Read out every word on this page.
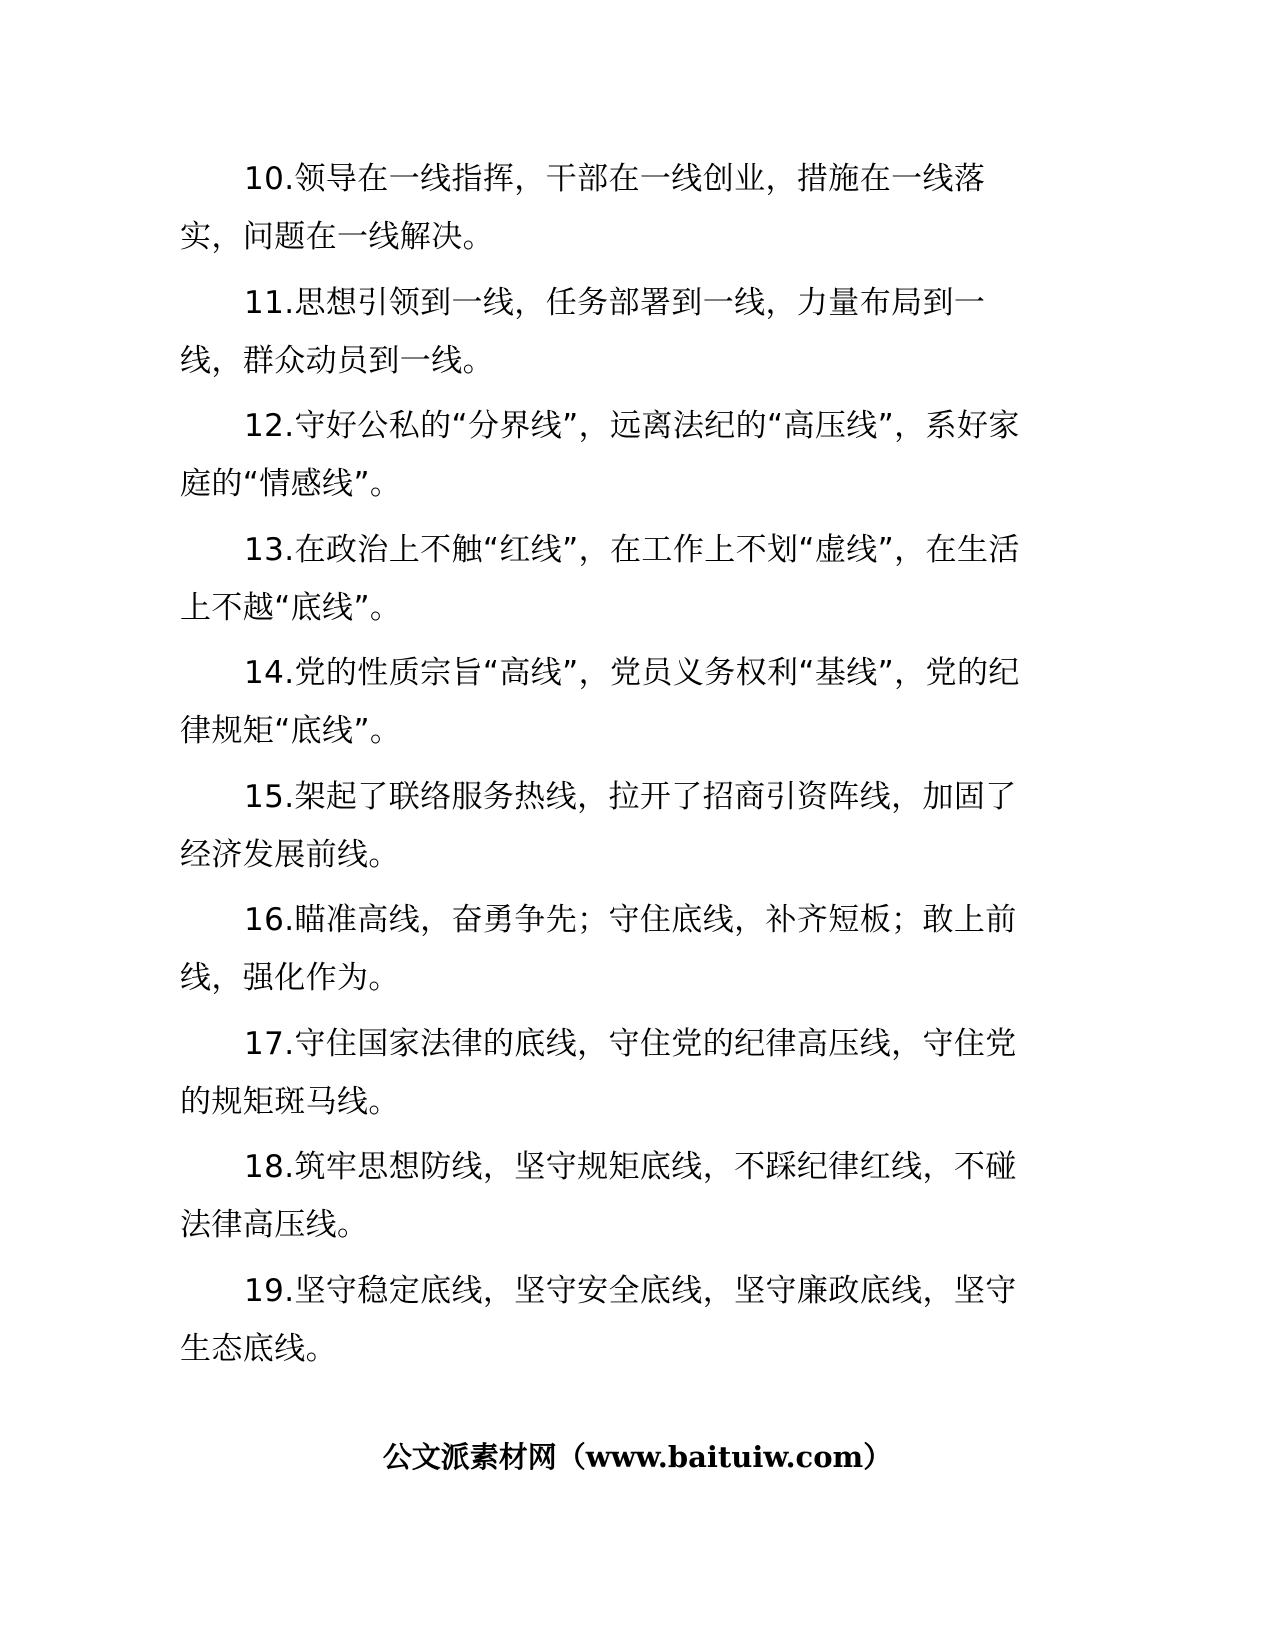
10.领导在一线指挥，干部在一线创业，措施在一线落实，问题在一线解决。

11.思想引领到一线，任务部署到一线，力量布局到一线，群众动员到一线。

12.守好公私的“分界线”，远离法纪的“高压线”，系好家庭的“情感线”。

13.在政治上不触“红线”，在工作上不划“虚线”，在生活上不越“底线”。

14.党的性质宗旨“高线”，党员义务权利“基线”，党的纪律规矩“底线”。

15.架起了联络服务热线，拉开了招商引资阵线，加固了经济发展前线。

16.瞄准高线，奋勇争先；守住底线，补齐短板；敢上前线，强化作为。

17.守住国家法律的底线，守住党的纪律高压线，守住党的规矩斑马线。

18.筑牢思想防线，坚守规矩底线，不踩纪律红线，不碰法律高压线。

19.坚守稳定底线，坚守安全底线，坚守廉政底线，坚守生态底线。

公文派素材网（www.baituiw.com）
